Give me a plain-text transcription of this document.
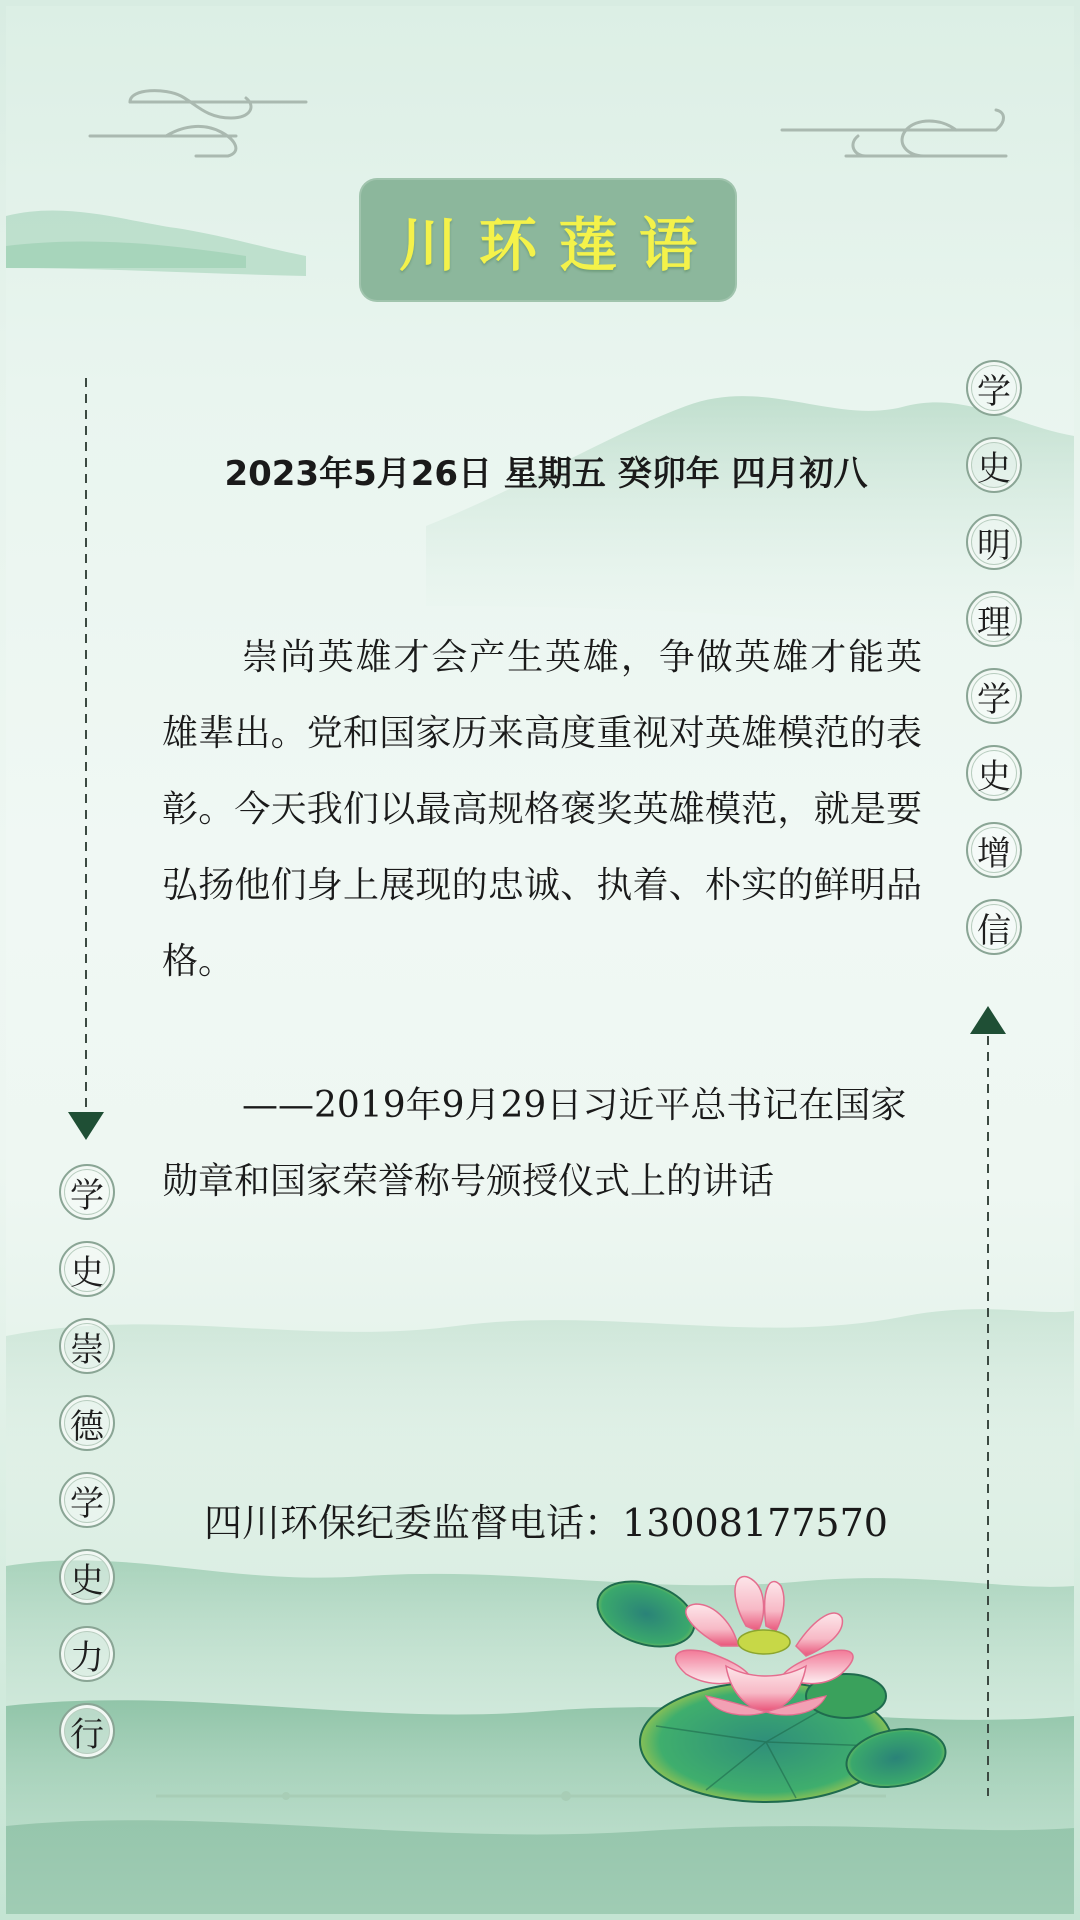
川环莲语
2023年5月26日 星期五 癸卯年 四月初八

崇尚英雄才会产生英雄，争做英雄才能英雄辈出。党和国家历来高度重视对英雄模范的表彰。今天我们以最高规格褒奖英雄模范，就是要弘扬他们身上展现的忠诚、执着、朴实的鲜明品格。

——2019年9月29日习近平总书记在国家勋章和国家荣誉称号颁授仪式上的讲话

四川环保纪委监督电话：13008177570
学
史
明
理
学
史
增
信
学
史
崇
德
学
史
力
行
